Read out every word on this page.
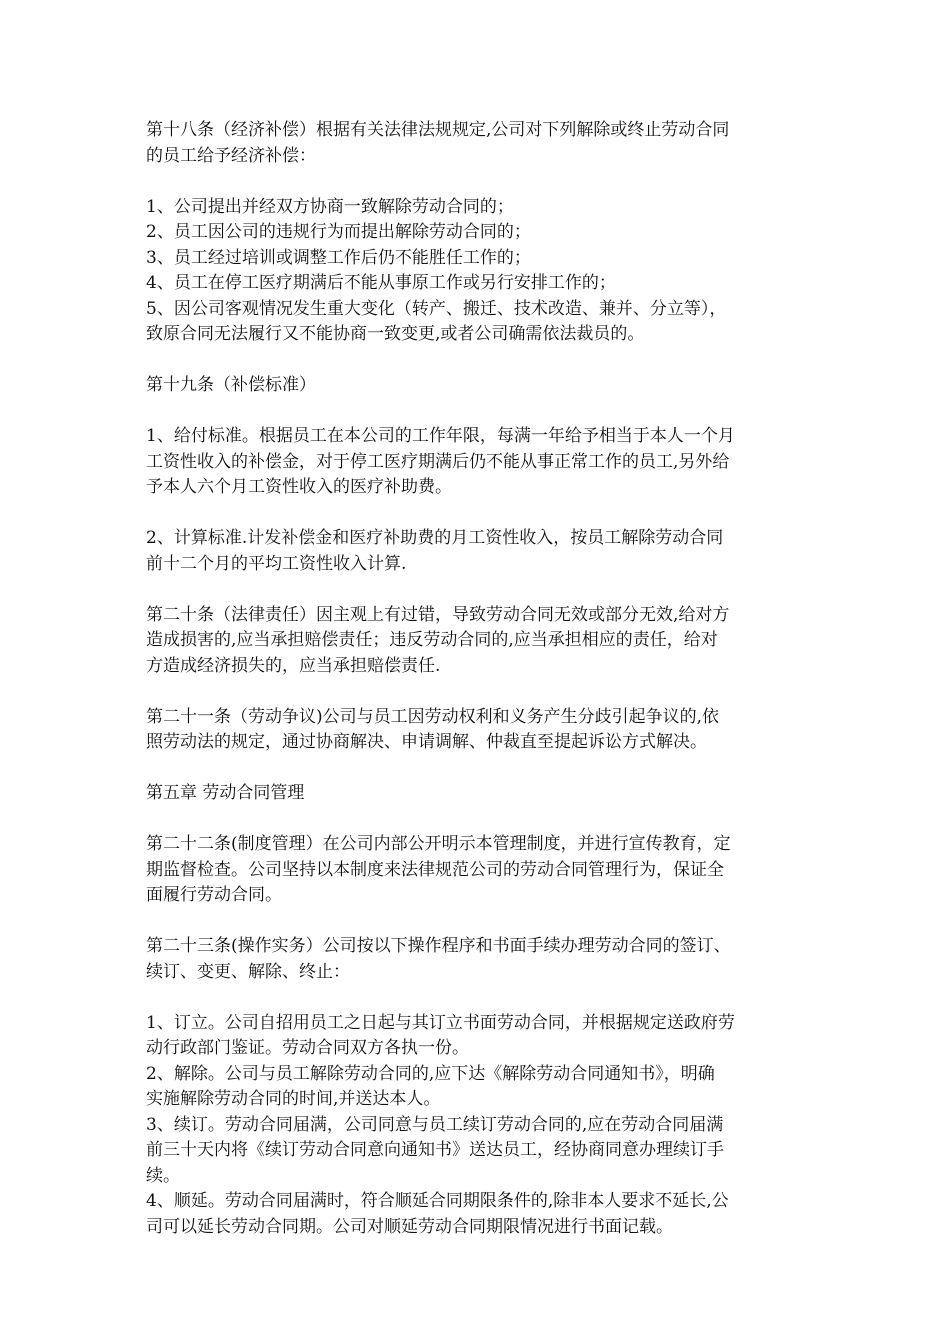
第十八条（经济补偿）根据有关法律法规规定,公司对下列解除或终止劳动合同
的员工给予经济补偿：
1、公司提出并经双方协商一致解除劳动合同的；
2、员工因公司的违规行为而提出解除劳动合同的；
3、员工经过培训或调整工作后仍不能胜任工作的；
4、员工在停工医疗期满后不能从事原工作或另行安排工作的；
5、因公司客观情况发生重大变化（转产、搬迁、技术改造、兼并、分立等），
致原合同无法履行又不能协商一致变更,或者公司确需依法裁员的。
第十九条（补偿标准）
1、给付标准。根据员工在本公司的工作年限，每满一年给予相当于本人一个月
工资性收入的补偿金，对于停工医疗期满后仍不能从事正常工作的员工,另外给
予本人六个月工资性收入的医疗补助费。
2、计算标准.计发补偿金和医疗补助费的月工资性收入，按员工解除劳动合同
前十二个月的平均工资性收入计算.
第二十条（法律责任）因主观上有过错，导致劳动合同无效或部分无效,给对方
造成损害的,应当承担赔偿责任；违反劳动合同的,应当承担相应的责任，给对
方造成经济损失的，应当承担赔偿责任.
第二十一条（劳动争议)公司与员工因劳动权利和义务产生分歧引起争议的,依
照劳动法的规定，通过协商解决、申请调解、仲裁直至提起诉讼方式解决。
第五章 劳动合同管理
第二十二条(制度管理）在公司内部公开明示本管理制度，并进行宣传教育，定
期监督检查。公司坚持以本制度来法律规范公司的劳动合同管理行为，保证全
面履行劳动合同。
第二十三条(操作实务）公司按以下操作程序和书面手续办理劳动合同的签订、
续订、变更、解除、终止：
1、订立。公司自招用员工之日起与其订立书面劳动合同，并根据规定送政府劳
动行政部门鉴证。劳动合同双方各执一份。
2、解除。公司与员工解除劳动合同的,应下达《解除劳动合同通知书》，明确
实施解除劳动合同的时间,并送达本人。
3、续订。劳动合同届满，公司同意与员工续订劳动合同的,应在劳动合同届满
前三十天内将《续订劳动合同意向通知书》送达员工，经协商同意办理续订手
续。
4、顺延。劳动合同届满时，符合顺延合同期限条件的,除非本人要求不延长,公
司可以延长劳动合同期。公司对顺延劳动合同期限情况进行书面记载。
